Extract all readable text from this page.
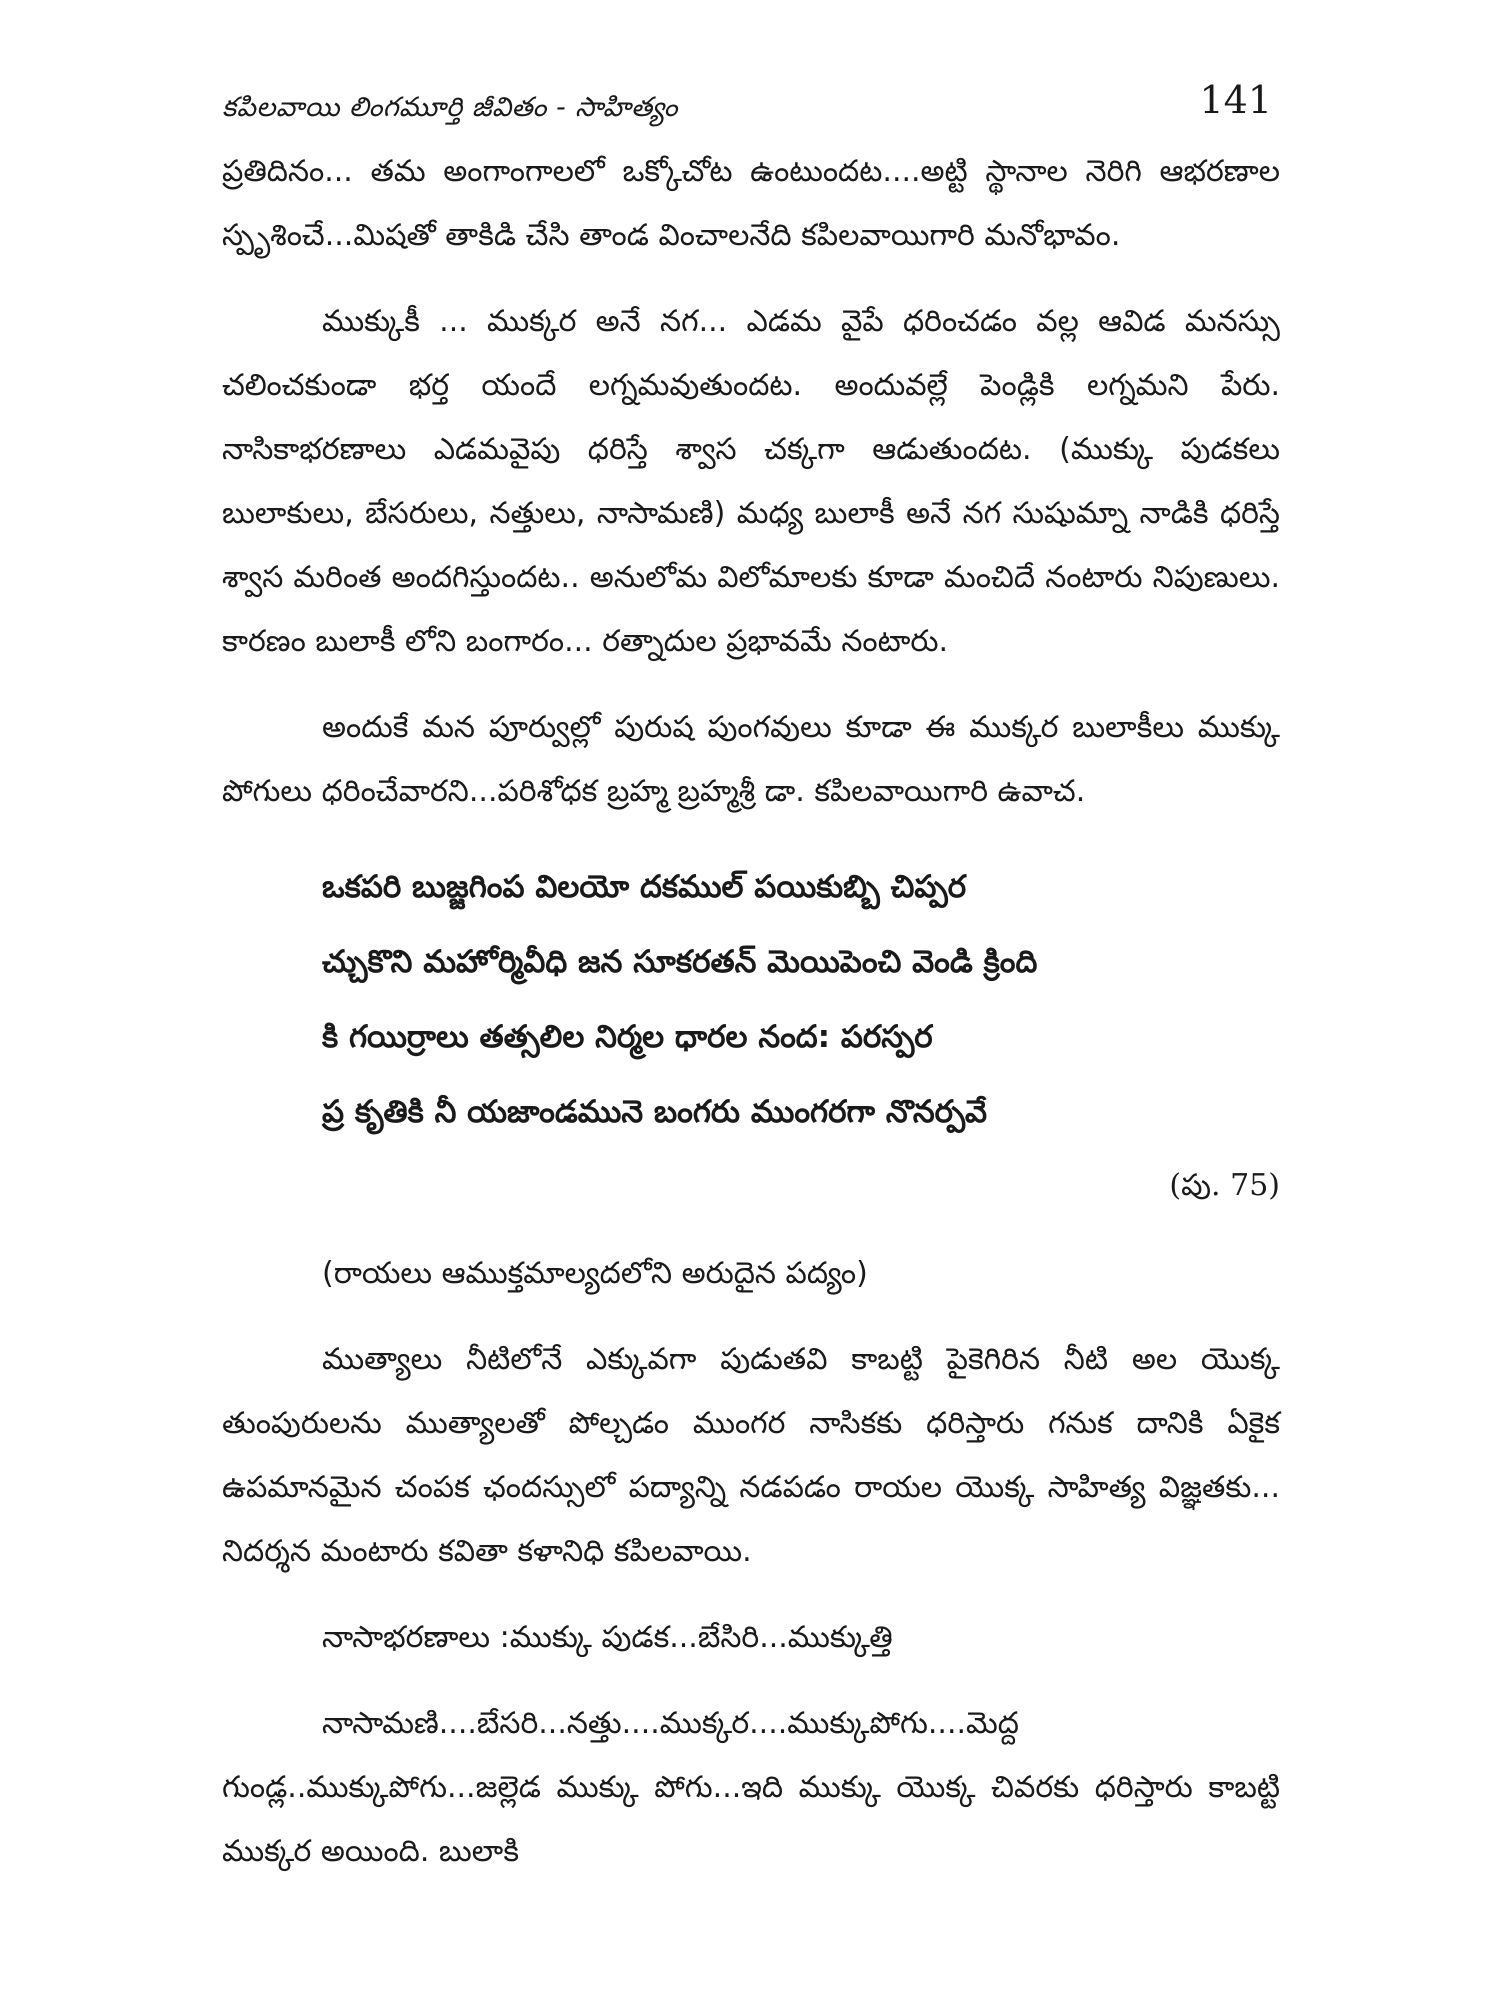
కపిలవాయి లింగమూర్తి జీవితం - సాహిత్యం	141

ప్రతిదినం... తమ అంగాంగాలలో ఒక్కోచోట ఉంటుందట....అట్టి స్థానాల నెరిగి ఆభరణాల స్పృశించే...మిషతో తాకిడి చేసి తాండ వించాలనేది కపిలవాయిగారి మనోభావం.

ముక్కుకీ ... ముక్కర అనే నగ... ఎడమ వైపే ధరించడం వల్ల ఆవిడ మనస్సు చలించకుండా భర్త యందే లగ్నమవుతుందట. అందువల్లే పెండ్లికి లగ్నమని పేరు. నాసికాభరణాలు ఎడమవైపు ధరిస్తే శ్వాస చక్కగా ఆడుతుందట. (ముక్కు పుడకలు బులాకులు, బేసరులు, నత్తులు, నాసామణి) మధ్య బులాకీ అనే నగ సుషుమ్నా నాడికి ధరిస్తే శ్వాస మరింత అందగిస్తుందట.. అనులోమ విలోమాలకు కూడా మంచిదే నంటారు నిపుణులు. కారణం బులాకీ లోని బంగారం... రత్నాదుల ప్రభావమే నంటారు.

అందుకే మన పూర్వుల్లో పురుష పుంగవులు కూడా ఈ ముక్కర బులాకీలు ముక్కు పోగులు ధరించేవారని...పరిశోధక బ్రహ్మ బ్రహ్మశ్రీ డా. కపిలవాయిగారి ఉవాచ.

ఒకపరి బుజ్జగింప విలయో దకముల్ పయికుబ్బి చిప్పర
చ్చుకొని మహోర్మివీధి జన సూకరతన్ మెయిపెంచి వెండి క్రింది
కి గయిర్రాలు తత్సలిల నిర్మల ధారల నంద: పరస్పర
ప్ర కృతికి నీ యజాండమునె బంగరు ముంగరగా నొనర్పవే
(పు. 75)

(రాయలు ఆముక్తమాల్యదలోని అరుదైన పద్యం)

ముత్యాలు నీటిలోనే ఎక్కువగా పుడుతవి కాబట్టి పైకెగిరిన నీటి అల యొక్క తుంపురులను ముత్యాలతో పోల్చడం ముంగర నాసికకు ధరిస్తారు గనుక దానికి ఏకైక ఉపమానమైన చంపక ఛందస్సులో పద్యాన్ని నడపడం రాయల యొక్క సాహిత్య విజ్ఞతకు... నిదర్శన మంటారు కవితా కళానిధి కపిలవాయి.

నాసాభరణాలు :ముక్కు పుడక...బేసిరి...ముక్కుత్తి

నాసామణి....బేసరి...నత్తు....ముక్కర....ముక్కుపోగు....మెద్ద గుండ్ల..ముక్కుపోగు...జల్లెడ ముక్కు పోగు...ఇది ముక్కు యొక్క చివరకు ధరిస్తారు కాబట్టి ముక్కర అయింది. బులాకి
